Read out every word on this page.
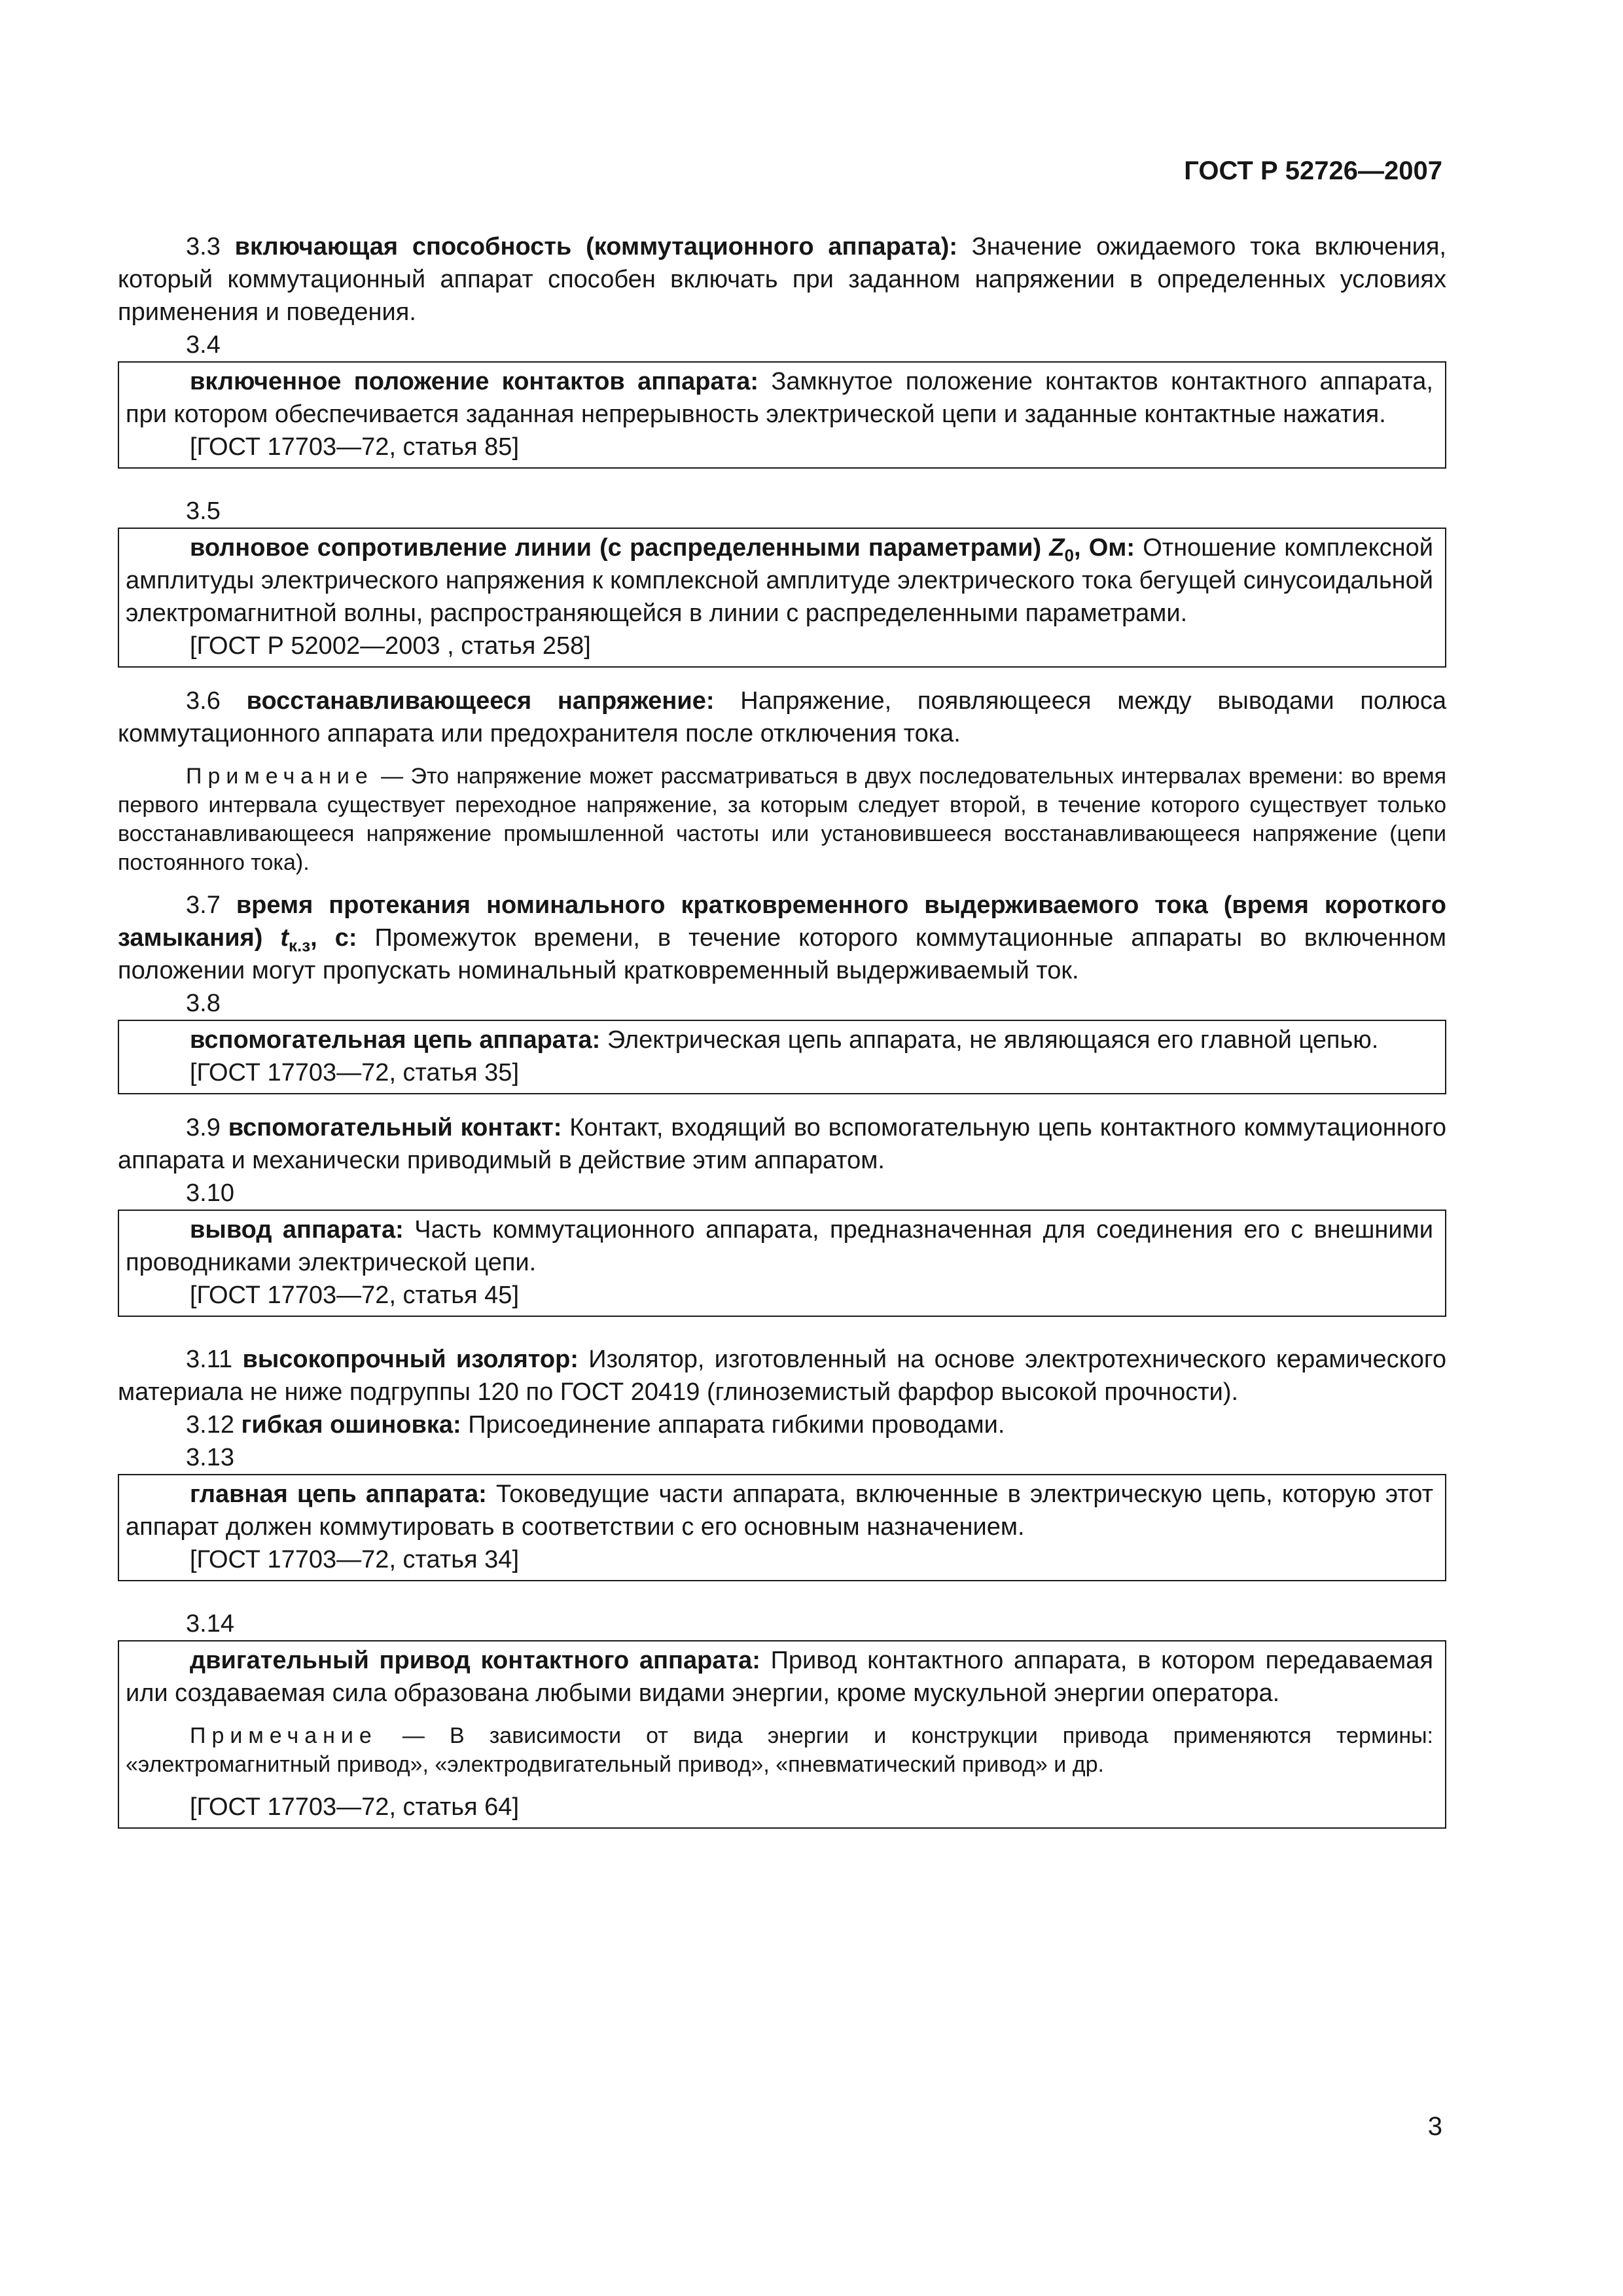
ГОСТ Р 52726—2007

3.3 включающая способность (коммутационного аппарата): Значение ожидаемого тока включения, который коммутационный аппарат способен включать при заданном напряжении в определенных условиях применения и поведения.

3.4

включенное положение контактов аппарата: Замкнутое положение контактов контактного аппарата, при котором обеспечивается заданная непрерывность электрической цепи и заданные контактные нажатия.

[ГОСТ 17703—72, статья 85]

3.5

волновое сопротивление линии (с распределенными параметрами) $Z_0$, Ом: Отношение комплексной амплитуды электрического напряжения к комплексной амплитуде электрического тока бегущей синусоидальной электромагнитной волны, распространяющейся в линии с распределенными параметрами.

[ГОСТ Р 52002—2003 , статья 258]

3.6 восстанавливающееся напряжение: Напряжение, появляющееся между выводами полюса коммутационного аппарата или предохранителя после отключения тока.

Примечание — Это напряжение может рассматриваться в двух последовательных интервалах времени: во время первого интервала существует переходное напряжение, за которым следует второй, в течение которого существует только восстанавливающееся напряжение промышленной частоты или установившееся восстанавливающееся напряжение (цепи постоянного тока).

3.7 время протекания номинального кратковременного выдерживаемого тока (время короткого замыкания) $t_{к.з}$, с: Промежуток времени, в течение которого коммутационные аппараты во включенном положении могут пропускать номинальный кратковременный выдерживаемый ток.

3.8

вспомогательная цепь аппарата: Электрическая цепь аппарата, не являющаяся его главной цепью.

[ГОСТ 17703—72, статья 35]

3.9 вспомогательный контакт: Контакт, входящий во вспомогательную цепь контактного коммутационного аппарата и механически приводимый в действие этим аппаратом.

3.10

вывод аппарата: Часть коммутационного аппарата, предназначенная для соединения его с внешними проводниками электрической цепи.

[ГОСТ 17703—72, статья 45]

3.11 высокопрочный изолятор: Изолятор, изготовленный на основе электротехнического керамического материала не ниже подгруппы 120 по ГОСТ 20419 (глиноземистый фарфор высокой прочности).

3.12 гибкая ошиновка: Присоединение аппарата гибкими проводами.

3.13

главная цепь аппарата: Токоведущие части аппарата, включенные в электрическую цепь, которую этот аппарат должен коммутировать в соответствии с его основным назначением.

[ГОСТ 17703—72, статья 34]

3.14

двигательный привод контактного аппарата: Привод контактного аппарата, в котором передаваемая или создаваемая сила образована любыми видами энергии, кроме мускульной энергии оператора.

Примечание — В зависимости от вида энергии и конструкции привода применяются термины: «электромагнитный привод», «электродвигательный привод», «пневматический привод» и др.

[ГОСТ 17703—72, статья 64]

3
